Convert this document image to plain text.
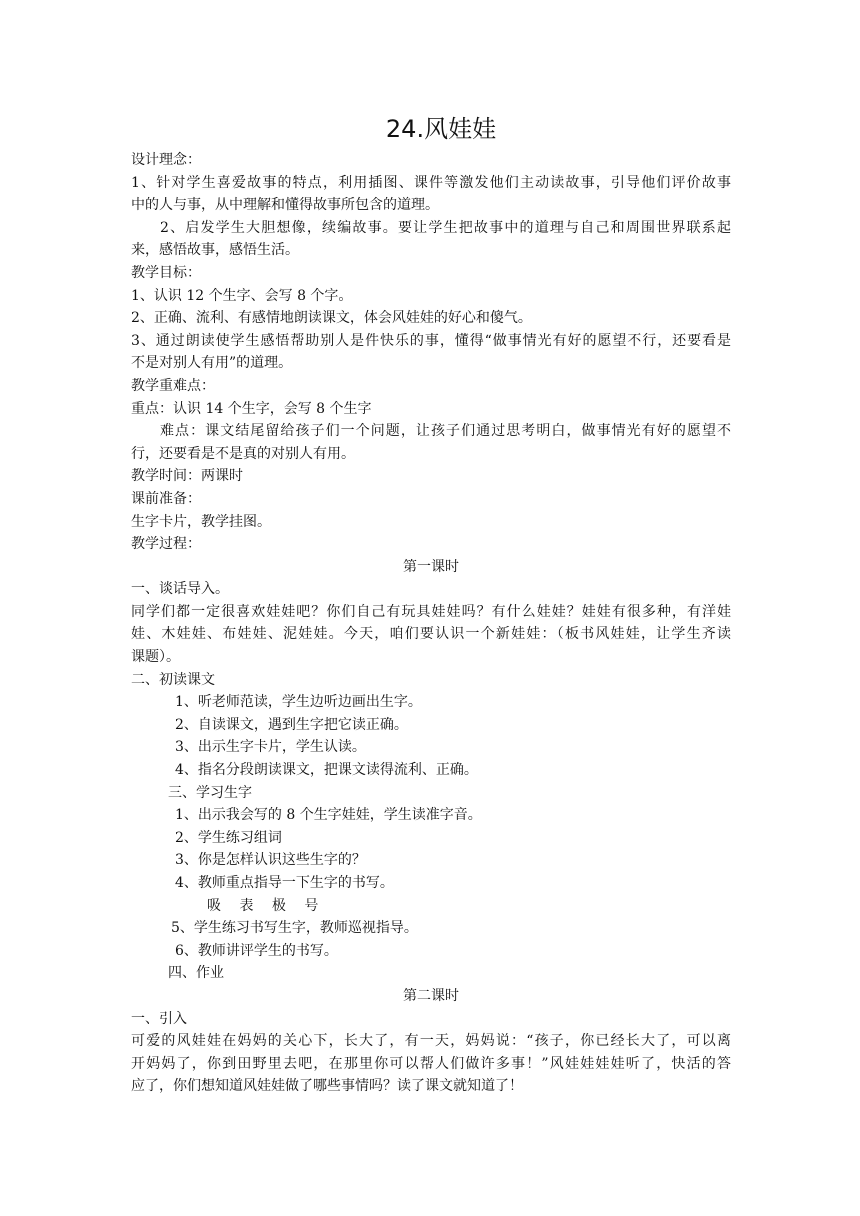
24.风娃娃
设计理念：
1、针对学生喜爱故事的特点，利用插图、课件等激发他们主动读故事，引导他们评价故事
中的人与事，从中理解和懂得故事所包含的道理。
2、启发学生大胆想像，续编故事。要让学生把故事中的道理与自己和周围世界联系起
来，感悟故事，感悟生活。
教学目标：
1、认识 12 个生字、会写 8 个字。
2、正确、流利、有感情地朗读课文，体会风娃娃的好心和傻气。
3、通过朗读使学生感悟帮助别人是件快乐的事，懂得“做事情光有好的愿望不行，还要看是
不是对别人有用”的道理。
教学重难点：
重点：认识 14 个生字，会写 8 个生字
难点：课文结尾留给孩子们一个问题，让孩子们通过思考明白，做事情光有好的愿望不
行，还要看是不是真的对别人有用。
教学时间：两课时
课前准备：
生字卡片，教学挂图。
教学过程：
第一课时
一、谈话导入。
同学们都一定很喜欢娃娃吧？你们自己有玩具娃娃吗？有什么娃娃？娃娃有很多种，有洋娃
娃、木娃娃、布娃娃、泥娃娃。今天，咱们要认识一个新娃娃：（板书风娃娃，让学生齐读
课题）。
二、初读课文
1、听老师范读，学生边听边画出生字。
2、自读课文，遇到生字把它读正确。
3、出示生字卡片，学生认读。
4、指名分段朗读课文，把课文读得流利、正确。
三、学习生字
1、出示我会写的 8 个生字娃娃，学生读准字音。
2、学生练习组词
3、你是怎样认识这些生字的？
4、教师重点指导一下生字的书写。
吸　 表　 极　 号
5、学生练习书写生字，教师巡视指导。
6、教师讲评学生的书写。
四、作业
第二课时
一、引入
可爱的风娃娃在妈妈的关心下，长大了，有一天，妈妈说：“孩子，你已经长大了，可以离
开妈妈了，你到田野里去吧，在那里你可以帮人们做许多事！”风娃娃娃娃听了，快活的答
应了，你们想知道风娃娃做了哪些事情吗？读了课文就知道了！
